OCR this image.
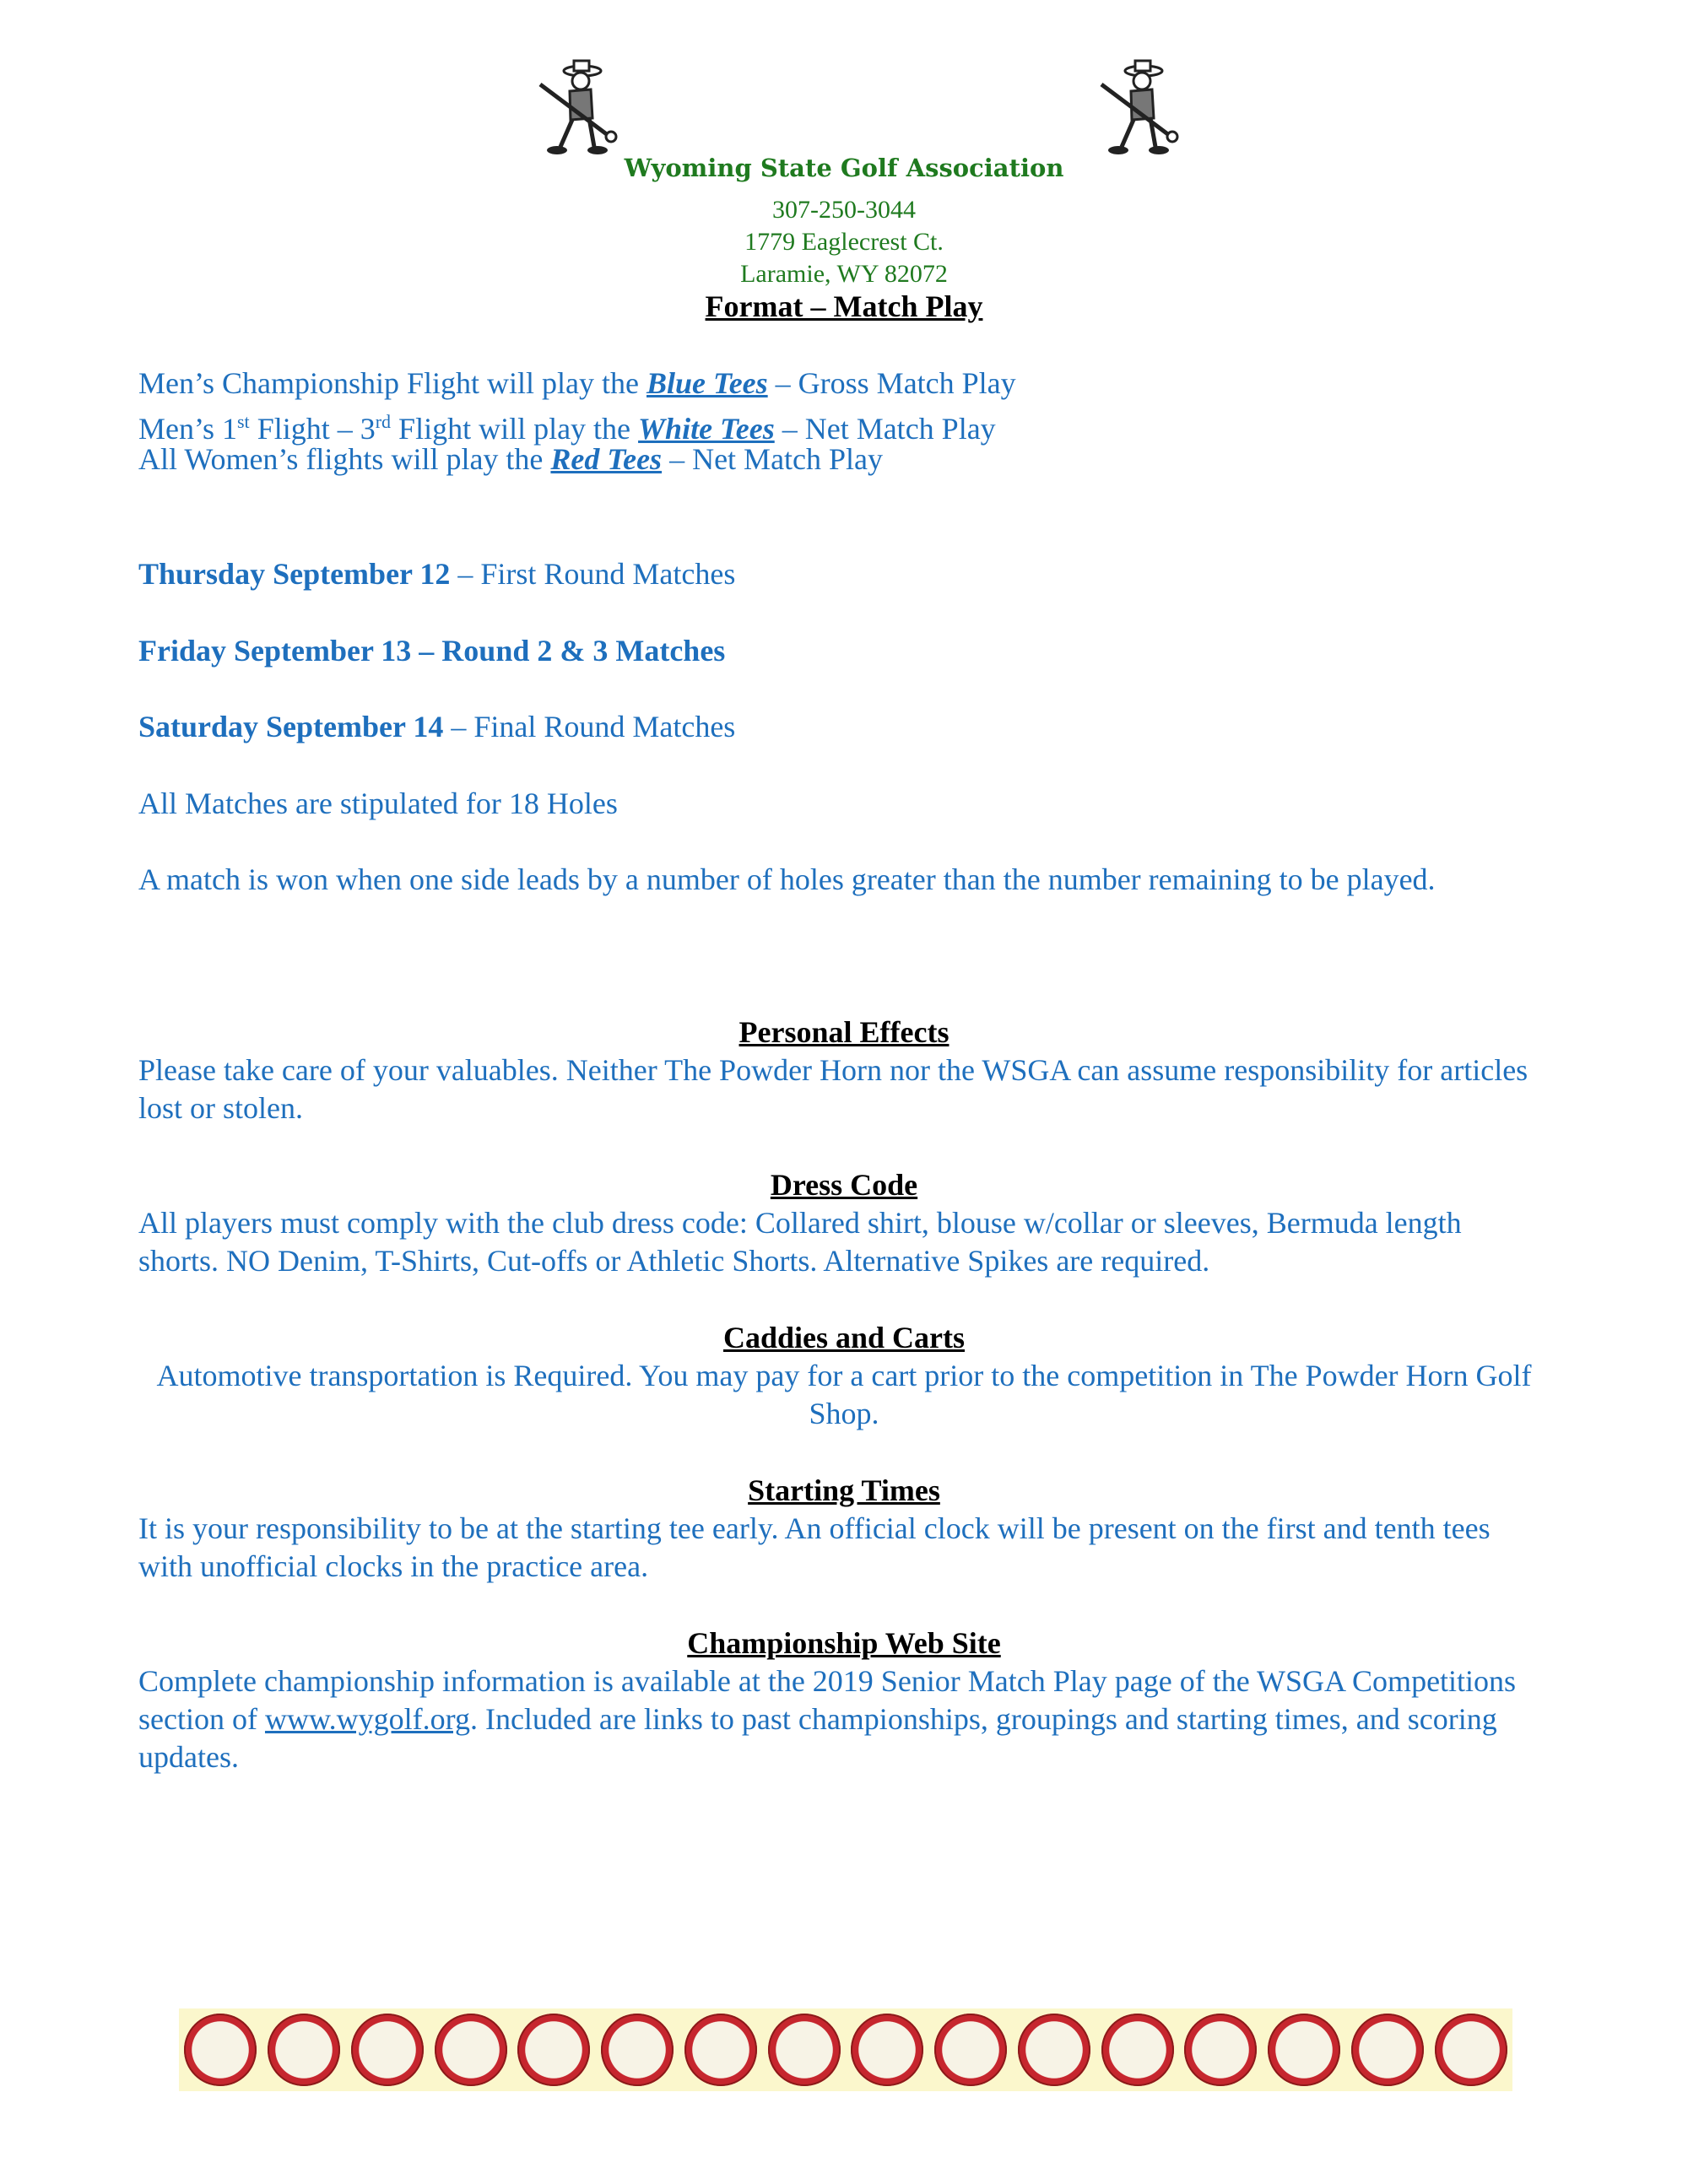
Wyoming State Golf Association
307-250-3044
1779 Eaglecrest Ct.
Laramie, WY 82072
Format – Match Play
Men’s Championship Flight will play the Blue Tees – Gross Match Play
Men’s 1st Flight – 3rd Flight will play the White Tees – Net Match Play
All Women’s flights will play the Red Tees – Net Match Play
Thursday September 12 – First Round Matches
Friday September 13 – Round 2 & 3 Matches
Saturday September 14 – Final Round Matches
All Matches are stipulated for 18 Holes
A match is won when one side leads by a number of holes greater than the number remaining to be played.
Personal Effects
Please take care of your valuables. Neither The Powder Horn nor the WSGA can assume responsibility for articles lost or stolen.
Dress Code
All players must comply with the club dress code: Collared shirt, blouse w/collar or sleeves, Bermuda length shorts. NO Denim, T-Shirts, Cut-offs or Athletic Shorts. Alternative Spikes are required.
Caddies and Carts
Automotive transportation is Required. You may pay for a cart prior to the competition in The Powder Horn Golf Shop.
Starting Times
It is your responsibility to be at the starting tee early. An official clock will be present on the first and tenth tees with unofficial clocks in the practice area.
Championship Web Site
Complete championship information is available at the 2019 Senior Match Play page of the WSGA Competitions section of www.wygolf.org. Included are links to past championships, groupings and starting times, and scoring updates.
